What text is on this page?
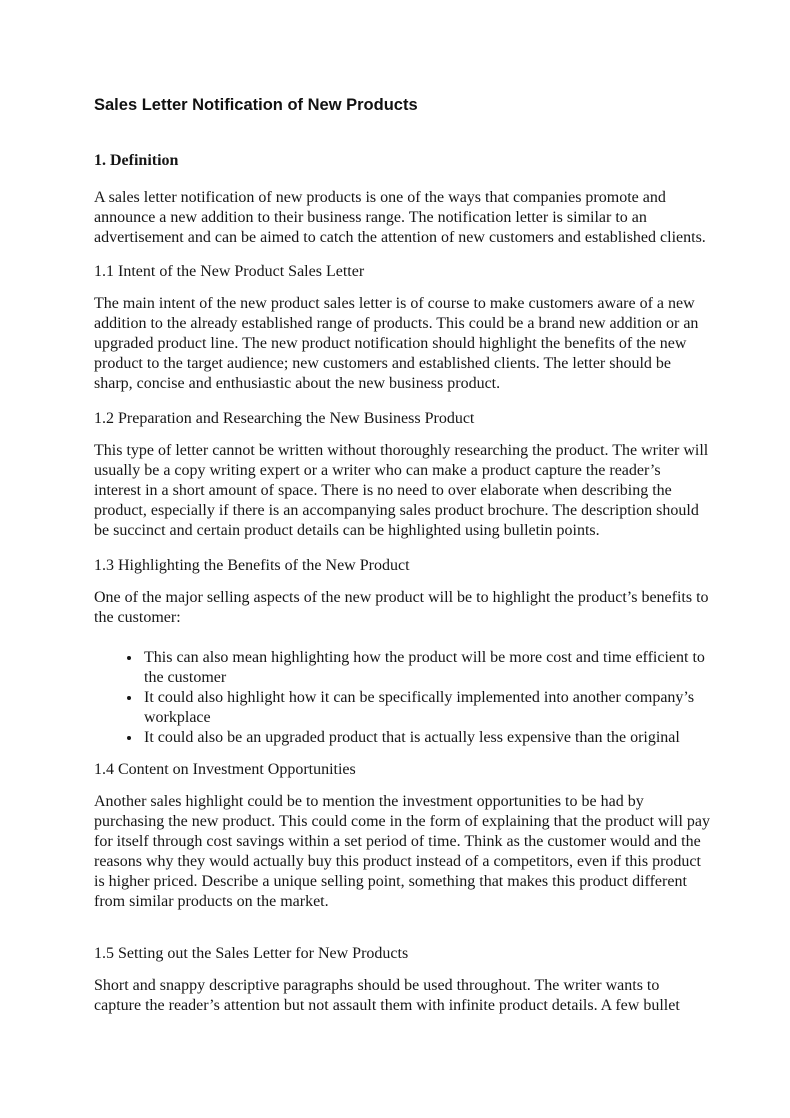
Sales Letter Notification of New Products
1. Definition

A sales letter notification of new products is one of the ways that companies promote and announce a new addition to their business range. The notification letter is similar to an advertisement and can be aimed to catch the attention of new customers and established clients.

1.1 Intent of the New Product Sales Letter

The main intent of the new product sales letter is of course to make customers aware of a new addition to the already established range of products. This could be a brand new addition or an upgraded product line. The new product notification should highlight the benefits of the new product to the target audience; new customers and established clients. The letter should be sharp, concise and enthusiastic about the new business product.

1.2 Preparation and Researching the New Business Product

This type of letter cannot be written without thoroughly researching the product. The writer will usually be a copy writing expert or a writer who can make a product capture the reader’s interest in a short amount of space. There is no need to over elaborate when describing the product, especially if there is an accompanying sales product brochure. The description should be succinct and certain product details can be highlighted using bulletin points.

1.3 Highlighting the Benefits of the New Product

One of the major selling aspects of the new product will be to highlight the product’s benefits to the customer:

• This can also mean highlighting how the product will be more cost and time efficient to the customer
• It could also highlight how it can be specifically implemented into another company’s workplace
• It could also be an upgraded product that is actually less expensive than the original
1.4 Content on Investment Opportunities

Another sales highlight could be to mention the investment opportunities to be had by purchasing the new product. This could come in the form of explaining that the product will pay for itself through cost savings within a set period of time. Think as the customer would and the reasons why they would actually buy this product instead of a competitors, even if this product is higher priced. Describe a unique selling point, something that makes this product different from similar products on the market.

1.5 Setting out the Sales Letter for New Products

Short and snappy descriptive paragraphs should be used throughout. The writer wants to capture the reader’s attention but not assault them with infinite product details. A few bullet
